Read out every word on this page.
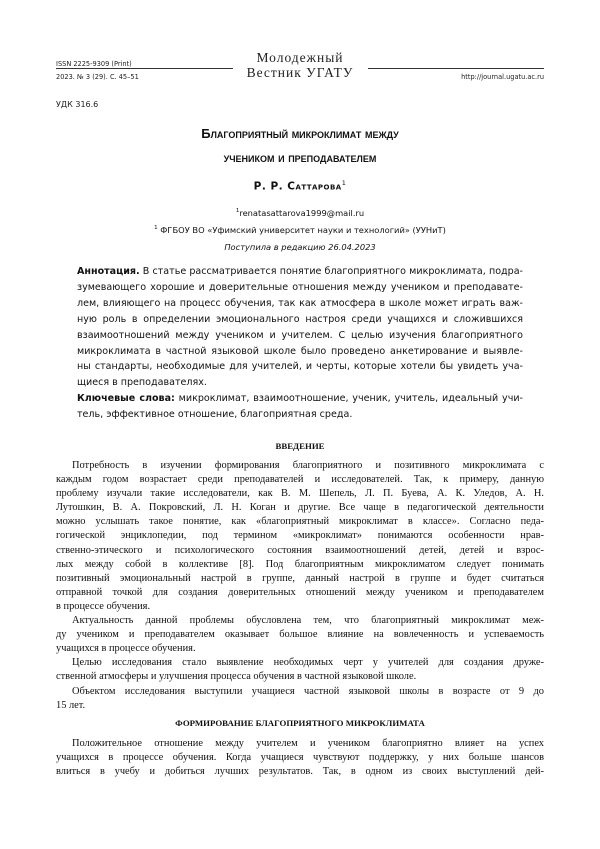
ISSN 2225-9309 (Print)
2023. № 3 (29). С. 45–51
Молодежный
Вестник УГАТУ	http://journal.ugatu.ac.ru
УДК 316.6
Благоприятный микроклимат между
учеником и преподавателем
Р. Р. Саттарова$^1$
$^1$renatasattarova1999@mail.ru
$^1$ ФГБОУ ВО «Уфимский университет науки и технологий» (УУНиТ)
Поступила в редакцию 26.04.2023
Аннотация. В статье рассматривается понятие благоприятного микроклимата, подра-
зумевающего хорошие и доверительные отношения между учеником и преподавате-
лем, влияющего на процесс обучения, так как атмосфера в школе может играть важ-
ную роль в определении эмоционального настроя среди учащихся и сложившихся
взаимоотношений между учеником и учителем. С целью изучения благоприятного
микроклимата в частной языковой школе было проведено анкетирование и выявле-
ны стандарты, необходимые для учителей, и черты, которые хотели бы увидеть уча-
щиеся в преподавателях.
Ключевые слова: микроклимат, взаимоотношение, ученик, учитель, идеальный учи-
тель, эффективное отношение, благоприятная среда.
ВВЕДЕНИЕ
Потребность в изучении формирования благоприятного и позитивного микроклимата с
каждым годом возрастает среди преподавателей и исследователей. Так, к примеру, данную
проблему изучали такие исследователи, как В. М. Шепель, Л. П. Буева, А. К. Уледов, А. Н.
Лутошкин, В. А. Покровский, Л. Н. Коган и другие. Все чаще в педагогической деятельности
можно услышать такое понятие, как «благоприятный микроклимат в классе». Согласно педа-
гогической энциклопедии, под термином «микроклимат» понимаются особенности нрав-
ственно-этического и психологического состояния взаимоотношений детей, детей и взрос-
лых между собой в коллективе [8]. Под благоприятным микроклиматом следует понимать
позитивный эмоциональный настрой в группе, данный настрой в группе и будет считаться
отправной точкой для создания доверительных отношений между учеником и преподавателем
в процессе обучения.
Актуальность данной проблемы обусловлена тем, что благоприятный микроклимат меж-
ду учеником и преподавателем оказывает большое влияние на вовлеченность и успеваемость
учащихся в процессе обучения.
Целью исследования стало выявление необходимых черт у учителей для создания друже-
ственной атмосферы и улучшения процесса обучения в частной языковой школе.
Объектом исследования выступили учащиеся частной языковой школы в возрасте от 9 до
15 лет.
ФОРМИРОВАНИЕ БЛАГОПРИЯТНОГО МИКРОКЛИМАТА
Положительное отношение между учителем и учеником благоприятно влияет на успех
учащихся в процессе обучения. Когда учащиеся чувствуют поддержку, у них больше шансов
влиться в учебу и добиться лучших результатов. Так, в одном из своих выступлений дей-
